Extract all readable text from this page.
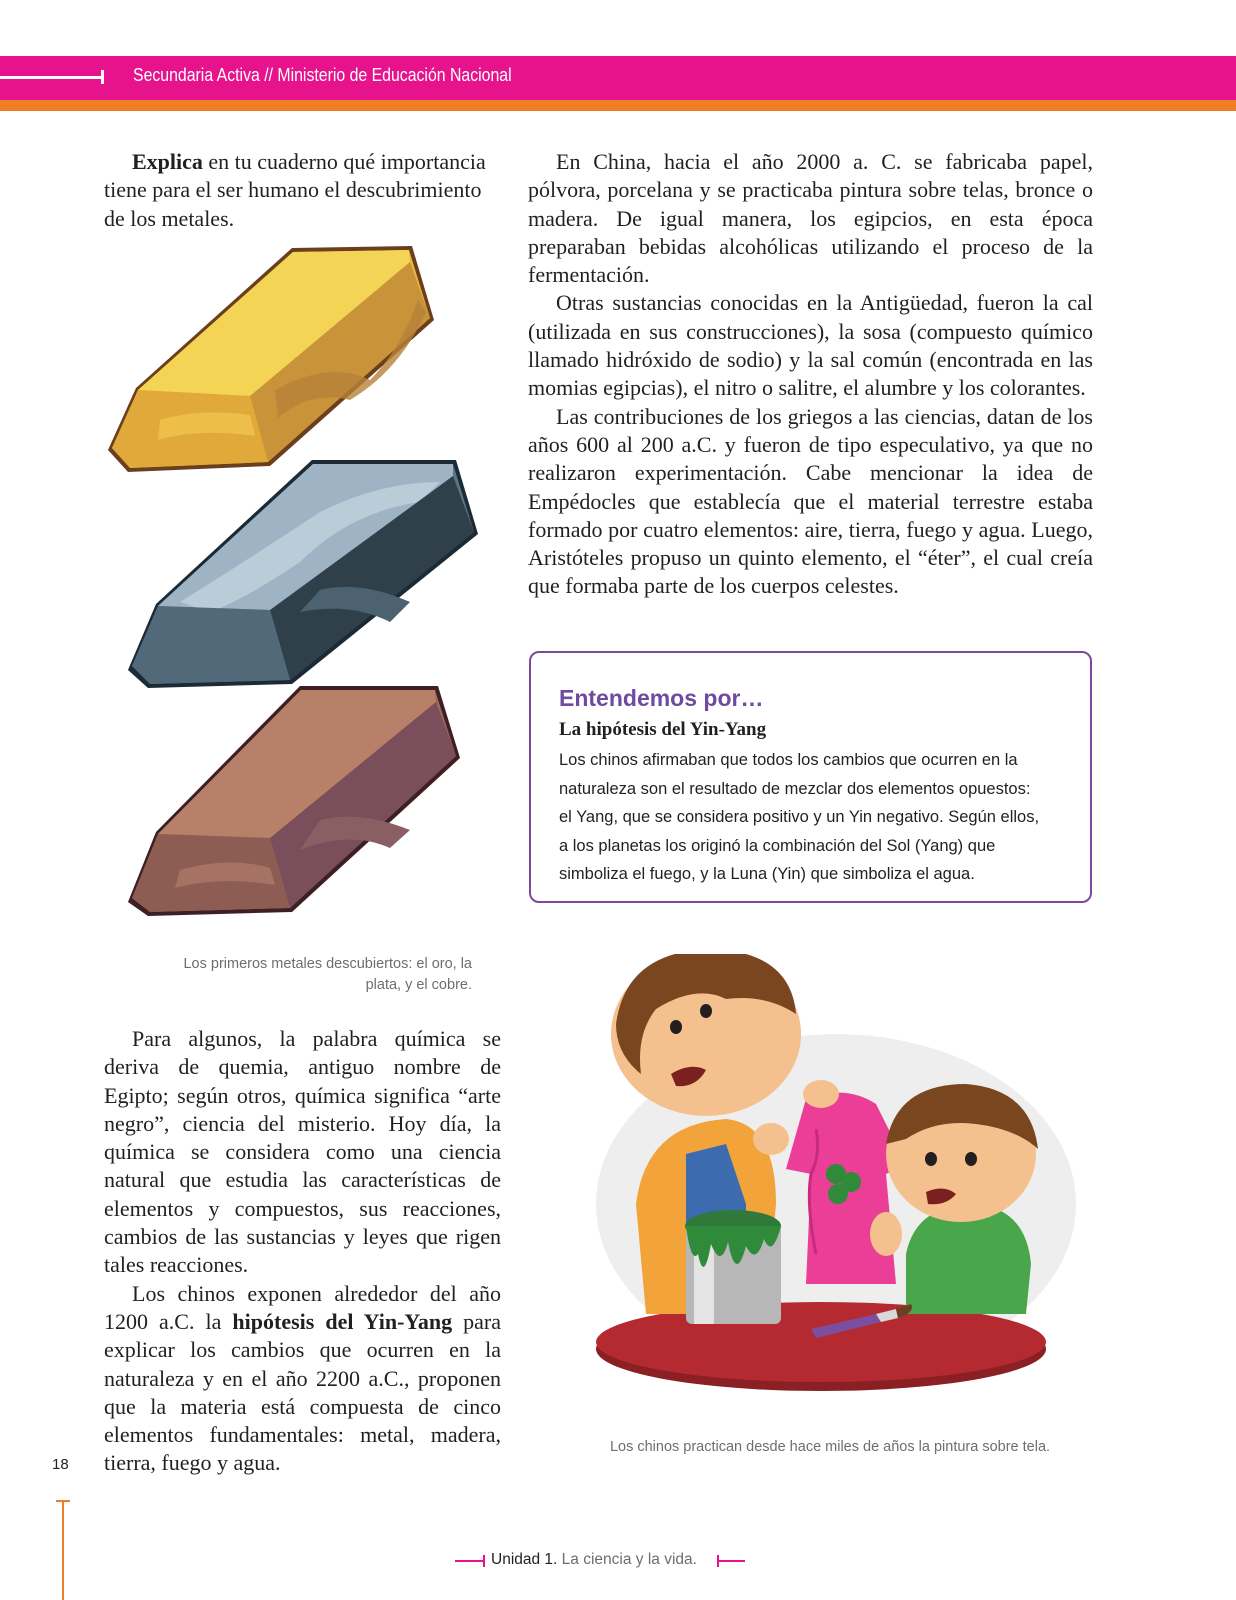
Secundaria Activa // Ministerio de Educación Nacional

Explica en tu cuaderno qué importancia tiene para el ser humano el descubrimiento de los metales.

Los primeros metales descubiertos: el oro, la
plata, y el cobre.

En China, hacia el año 2000 a. C. se fabricaba papel, pólvora, porcelana y se practicaba pintura sobre telas, bronce o madera. De igual manera, los egipcios, en esta época preparaban bebidas alcohólicas utilizando el proceso de la fermentación.

Otras sustancias conocidas en la Antigüedad, fueron la cal (utilizada en sus construcciones), la sosa (compuesto químico llamado hidróxido de sodio) y la sal común (encontrada en las momias egipcias), el nitro o salitre, el alumbre y los colorantes.

Las contribuciones de los griegos a las ciencias, datan de los años 600 al 200 a.C. y fueron de tipo especulativo, ya que no realizaron experimentación. Cabe mencionar la idea de Empédocles que establecía que el material terrestre estaba formado por cuatro elementos: aire, tierra, fuego y agua. Luego, Aristóteles propuso un quinto elemento, el “éter”, el cual creía que formaba parte de los cuerpos celestes.

Entendemos por…
La hipótesis del Yin-Yang
Los chinos afirmaban que todos los cambios que ocurren en la
naturaleza son el resultado de mezclar dos elementos opuestos:
el Yang, que se considera positivo y un Yin negativo. Según ellos,
a los planetas los originó la combinación del Sol (Yang) que
simboliza el fuego, y la Luna (Yin) que simboliza el agua.
Los chinos practican desde hace miles de años la pintura sobre tela.

Para algunos, la palabra química se deriva de quemia, antiguo nombre de Egipto; según otros, química significa “arte negro”, ciencia del misterio. Hoy día, la química se considera como una ciencia natural que estudia las características de elementos y compuestos, sus reacciones, cambios de las sustancias y leyes que rigen tales reacciones.

Los chinos exponen alrededor del año 1200 a.C. la hipótesis del Yin-Yang para explicar los cambios que ocurren en la naturaleza y en el año 2200 a.C., proponen que la materia está compuesta de cinco elementos fundamentales: metal, madera, tierra, fuego y agua.

18
Unidad 1. La ciencia y la vida.
